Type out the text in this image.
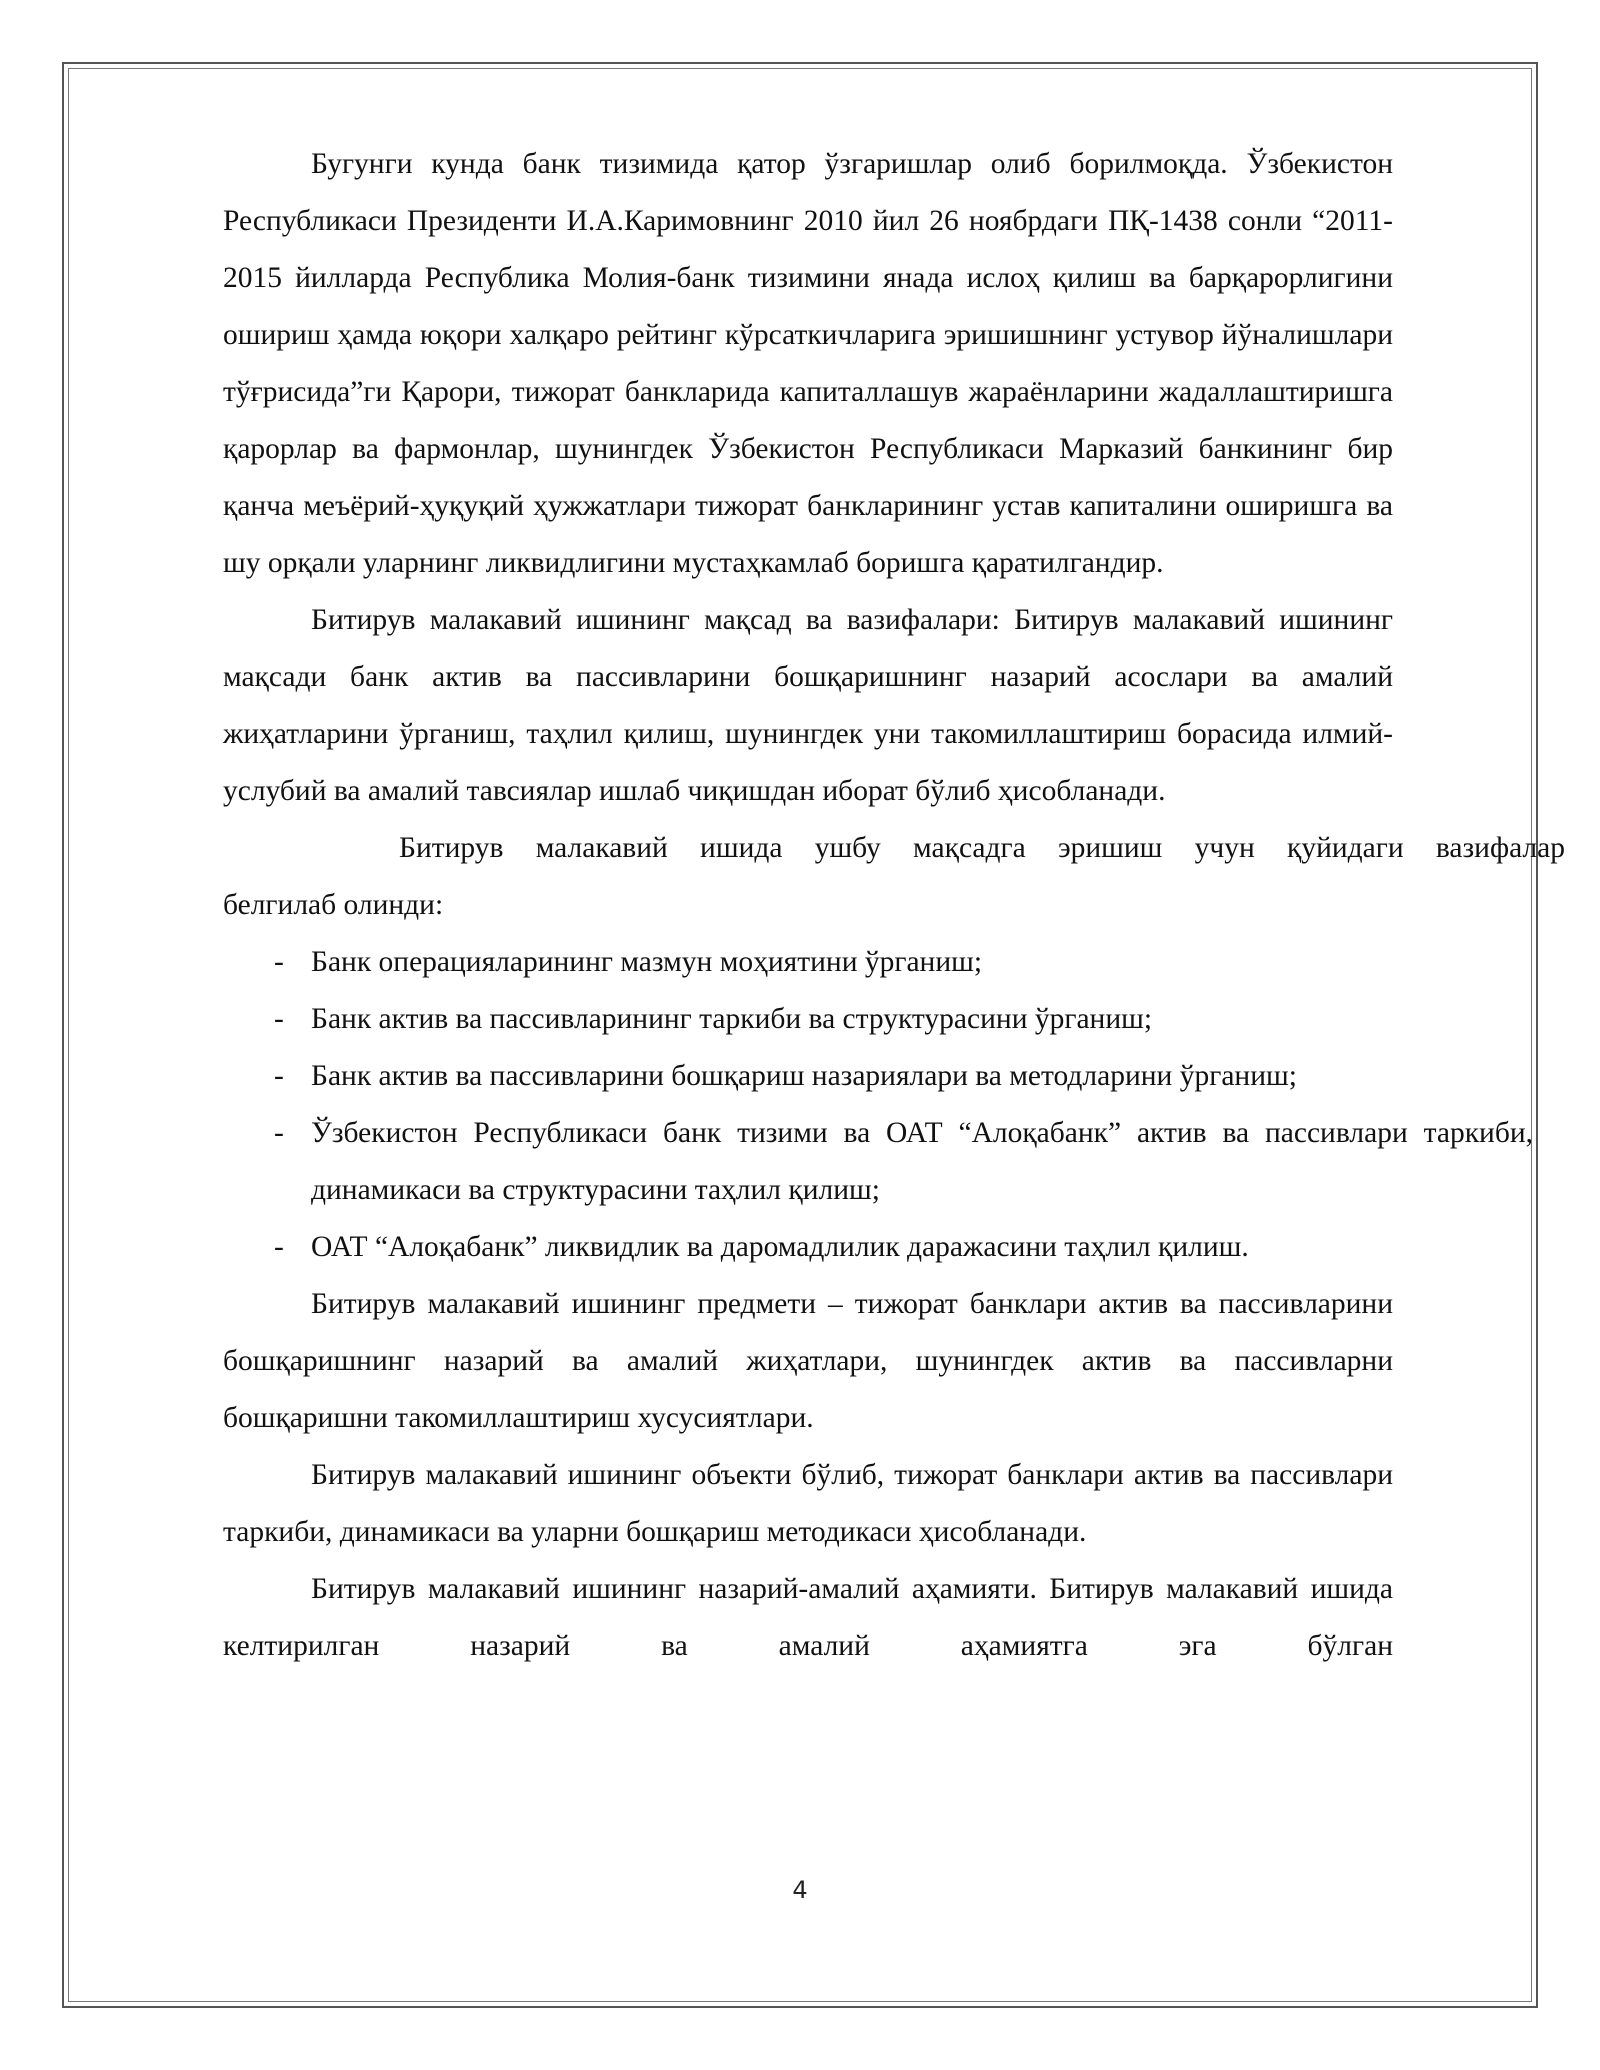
Бугунги кунда банк тизимида қатор ўзгаришлар олиб борилмоқда. Ўзбекистон Республикаси Президенти И.А.Каримовнинг 2010 йил 26 ноябрдаги ПҚ-1438 сонли “2011-2015 йилларда Республика Молия-банк тизимини янада ислоҳ қилиш ва барқарорлигини ошириш ҳамда юқори халқаро рейтинг кўрсаткичларига эришишнинг устувор йўналишлари тўғрисида”ги Қарори, тижорат банкларида капиталлашув жараёнларини жадаллаштиришга қарорлар ва фармонлар, шунингдек Ўзбекистон Республикаси Марказий банкининг бир қанча меъёрий-ҳуқуқий ҳужжатлари тижорат банкларининг устав капиталини оширишга ва шу орқали уларнинг ликвидлигини мустаҳкамлаб боришга қаратилгандир.

Битирув малакавий ишининг мақсад ва вазифалари: Битирув малакавий ишининг мақсади банк актив ва пассивларини бошқаришнинг назарий асослари ва амалий жиҳатларини ўрганиш, таҳлил қилиш, шунингдек уни такомиллаштириш борасида илмий-услубий ва амалий тавсиялар ишлаб чиқишдан иборат бўлиб ҳисобланади.

Битирув малакавий ишида ушбу мақсадга эришиш учун қуйидаги вазифалар
белгилаб олинди:

- Банк операцияларининг мазмун моҳиятини ўрганиш;
- Банк актив ва пассивларининг таркиби ва структурасини ўрганиш;
- Банк актив ва пассивларини бошқариш назариялари ва методларини ўрганиш;
- Ўзбекистон Республикаси банк тизими ва ОАТ “Алоқабанк” актив ва пассивлари таркиби, динамикаси ва структурасини таҳлил қилиш;
- ОАТ “Алоқабанк” ликвидлик ва даромадлилик даражасини таҳлил қилиш.

Битирув малакавий ишининг предмети – тижорат банклари актив ва пассивларини бошқаришнинг назарий ва амалий жиҳатлари, шунингдек актив ва пассивларни бошқаришни такомиллаштириш хусусиятлари.

Битирув малакавий ишининг объекти бўлиб, тижорат банклари актив ва пассивлари таркиби, динамикаси ва уларни бошқариш методикаси ҳисобланади.

Битирув малакавий ишининг назарий-амалий аҳамияти. Битирув малакавий ишида келтирилган назарий ва амалий аҳамиятга эга бўлган

4
